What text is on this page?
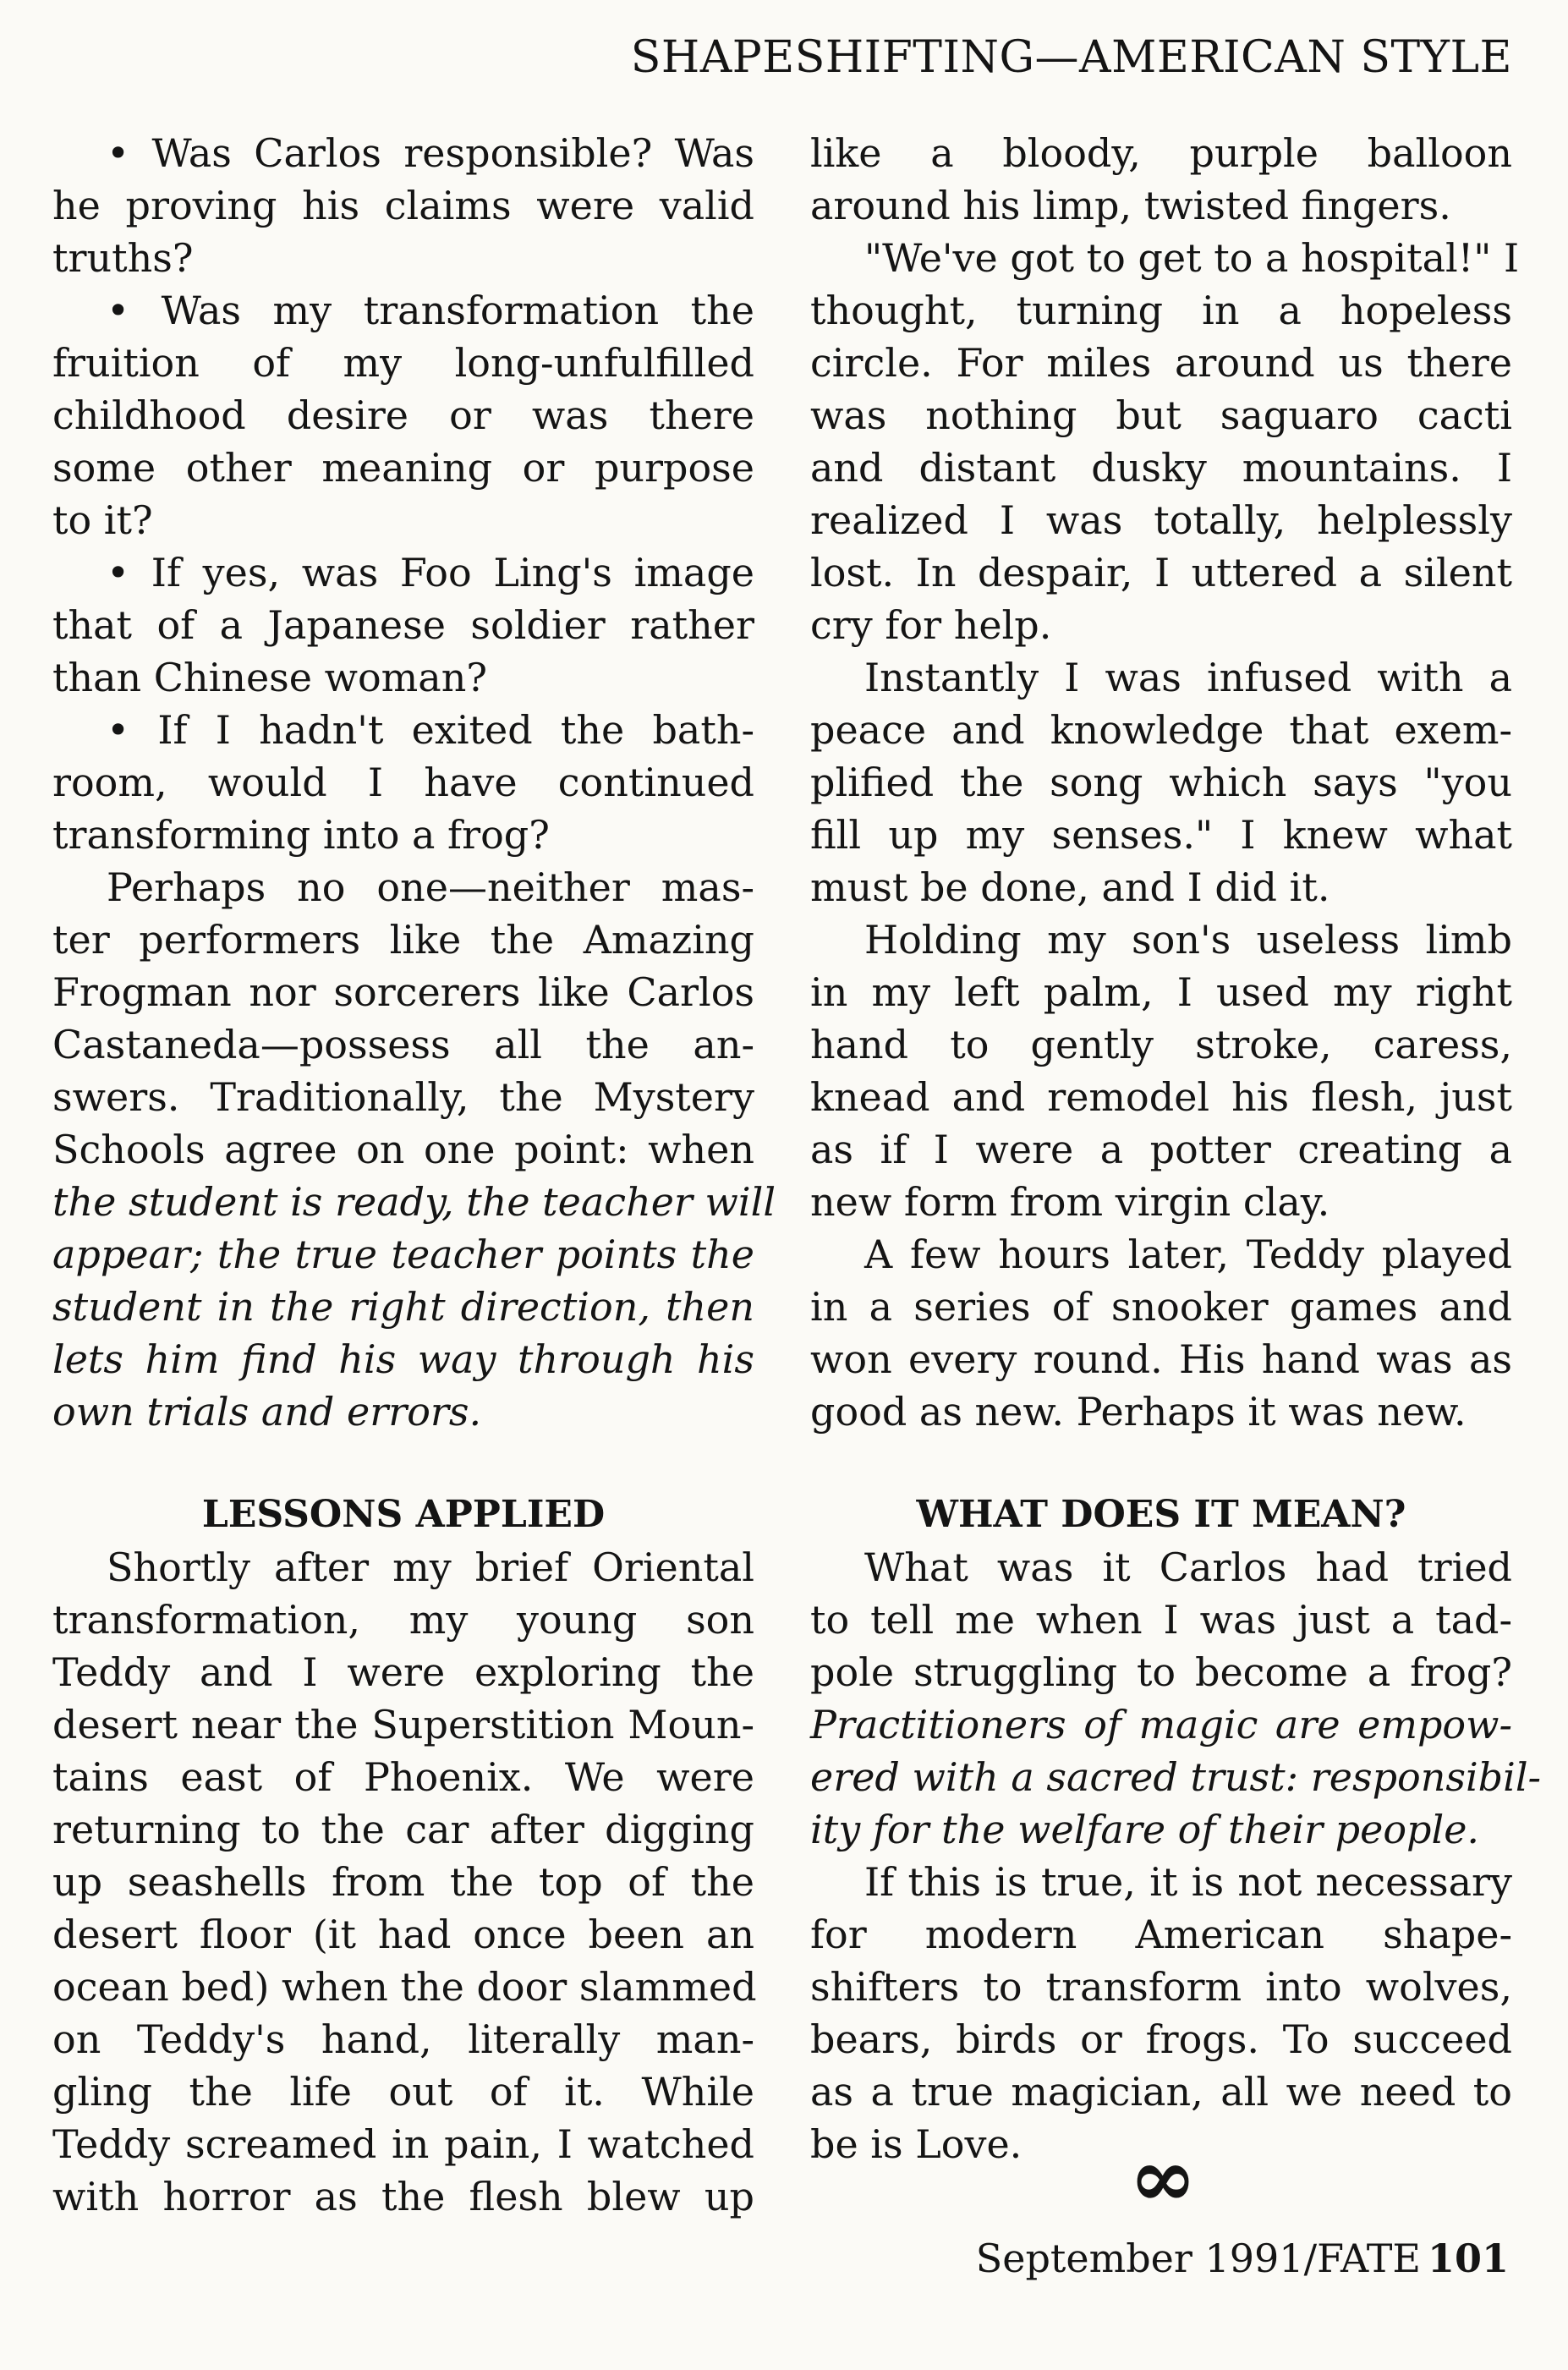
SHAPESHIFTING—AMERICAN STYLE
• Was Carlos responsible? Was
he proving his claims were valid
truths?
• Was my transformation the
fruition of my long-unfulfilled
childhood desire or was there
some other meaning or purpose
to it?
• If yes, was Foo Ling's image
that of a Japanese soldier rather
than Chinese woman?
• If I hadn't exited the bath-
room, would I have continued
transforming into a frog?
Perhaps no one—neither mas-
ter performers like the Amazing
Frogman nor sorcerers like Carlos
Castaneda—possess all the an-
swers. Traditionally, the Mystery
Schools agree on one point: when
the student is ready, the teacher will
appear; the true teacher points the
student in the right direction, then
lets him find his way through his
own trials and errors.
LESSONS APPLIED
Shortly after my brief Oriental
transformation, my young son
Teddy and I were exploring the
desert near the Superstition Moun-
tains east of Phoenix. We were
returning to the car after digging
up seashells from the top of the
desert floor (it had once been an
ocean bed) when the door slammed
on Teddy's hand, literally man-
gling the life out of it. While
Teddy screamed in pain, I watched
with horror as the flesh blew up
like a bloody, purple balloon
around his limp, twisted fingers.
"We've got to get to a hospital!" I
thought, turning in a hopeless
circle. For miles around us there
was nothing but saguaro cacti
and distant dusky mountains. I
realized I was totally, helplessly
lost. In despair, I uttered a silent
cry for help.
Instantly I was infused with a
peace and knowledge that exem-
plified the song which says "you
fill up my senses." I knew what
must be done, and I did it.
Holding my son's useless limb
in my left palm, I used my right
hand to gently stroke, caress,
knead and remodel his flesh, just
as if I were a potter creating a
new form from virgin clay.
A few hours later, Teddy played
in a series of snooker games and
won every round. His hand was as
good as new. Perhaps it was new.
WHAT DOES IT MEAN?
What was it Carlos had tried
to tell me when I was just a tad-
pole struggling to become a frog?
Practitioners of magic are empow-
ered with a sacred trust: responsibil-
ity for the welfare of their people.
If this is true, it is not necessary
for modern American shape-
shifters to transform into wolves,
bears, birds or frogs. To succeed
as a true magician, all we need to
be is Love.	∞
September 1991/FATE 101
